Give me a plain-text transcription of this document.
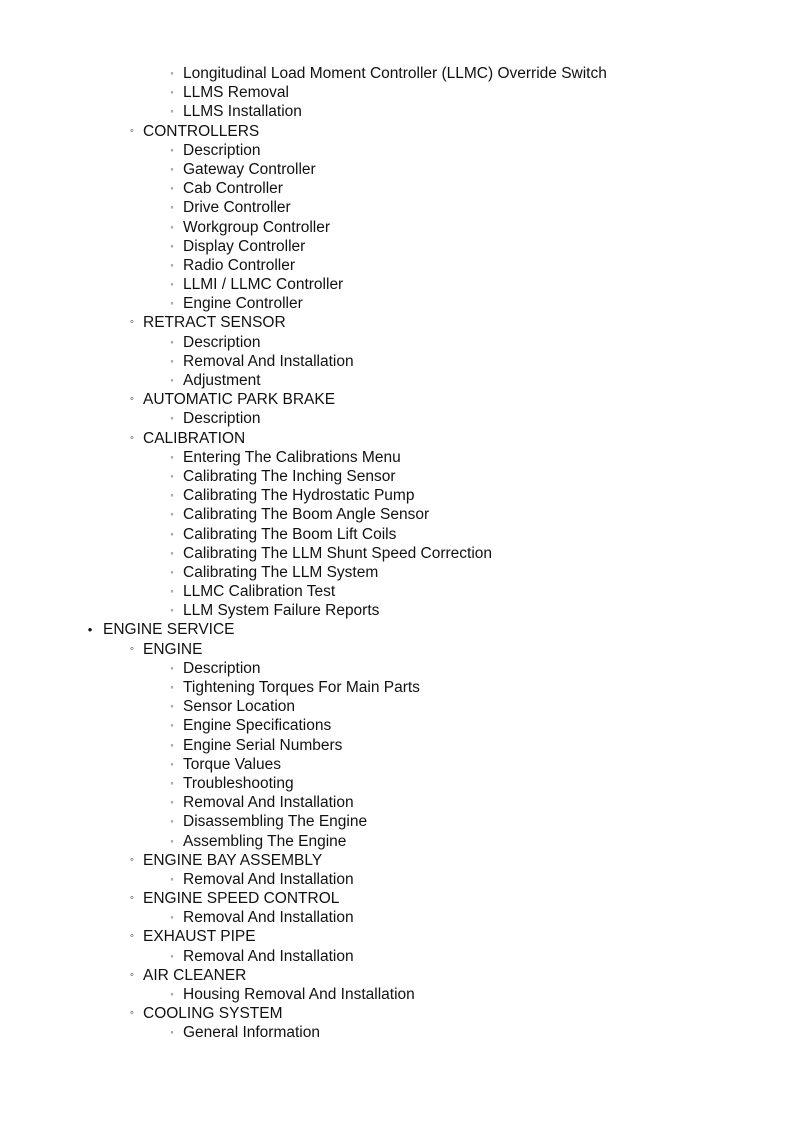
◦ Longitudinal Load Moment Controller (LLMC) Override Switch
◦ LLMS Removal
◦ LLMS Installation
◦ CONTROLLERS
◦ Description
◦ Gateway Controller
◦ Cab Controller
◦ Drive Controller
◦ Workgroup Controller
◦ Display Controller
◦ Radio Controller
◦ LLMI / LLMC Controller
◦ Engine Controller
◦ RETRACT SENSOR
◦ Description
◦ Removal And Installation
◦ Adjustment
◦ AUTOMATIC PARK BRAKE
◦ Description
◦ CALIBRATION
◦ Entering The Calibrations Menu
◦ Calibrating The Inching Sensor
◦ Calibrating The Hydrostatic Pump
◦ Calibrating The Boom Angle Sensor
◦ Calibrating The Boom Lift Coils
◦ Calibrating The LLM Shunt Speed Correction
◦ Calibrating The LLM System
◦ LLMC Calibration Test
◦ LLM System Failure Reports
• ENGINE SERVICE
◦ ENGINE
◦ Description
◦ Tightening Torques For Main Parts
◦ Sensor Location
◦ Engine Specifications
◦ Engine Serial Numbers
◦ Torque Values
◦ Troubleshooting
◦ Removal And Installation
◦ Disassembling The Engine
◦ Assembling The Engine
◦ ENGINE BAY ASSEMBLY
◦ Removal And Installation
◦ ENGINE SPEED CONTROL
◦ Removal And Installation
◦ EXHAUST PIPE
◦ Removal And Installation
◦ AIR CLEANER
◦ Housing Removal And Installation
◦ COOLING SYSTEM
◦ General Information
